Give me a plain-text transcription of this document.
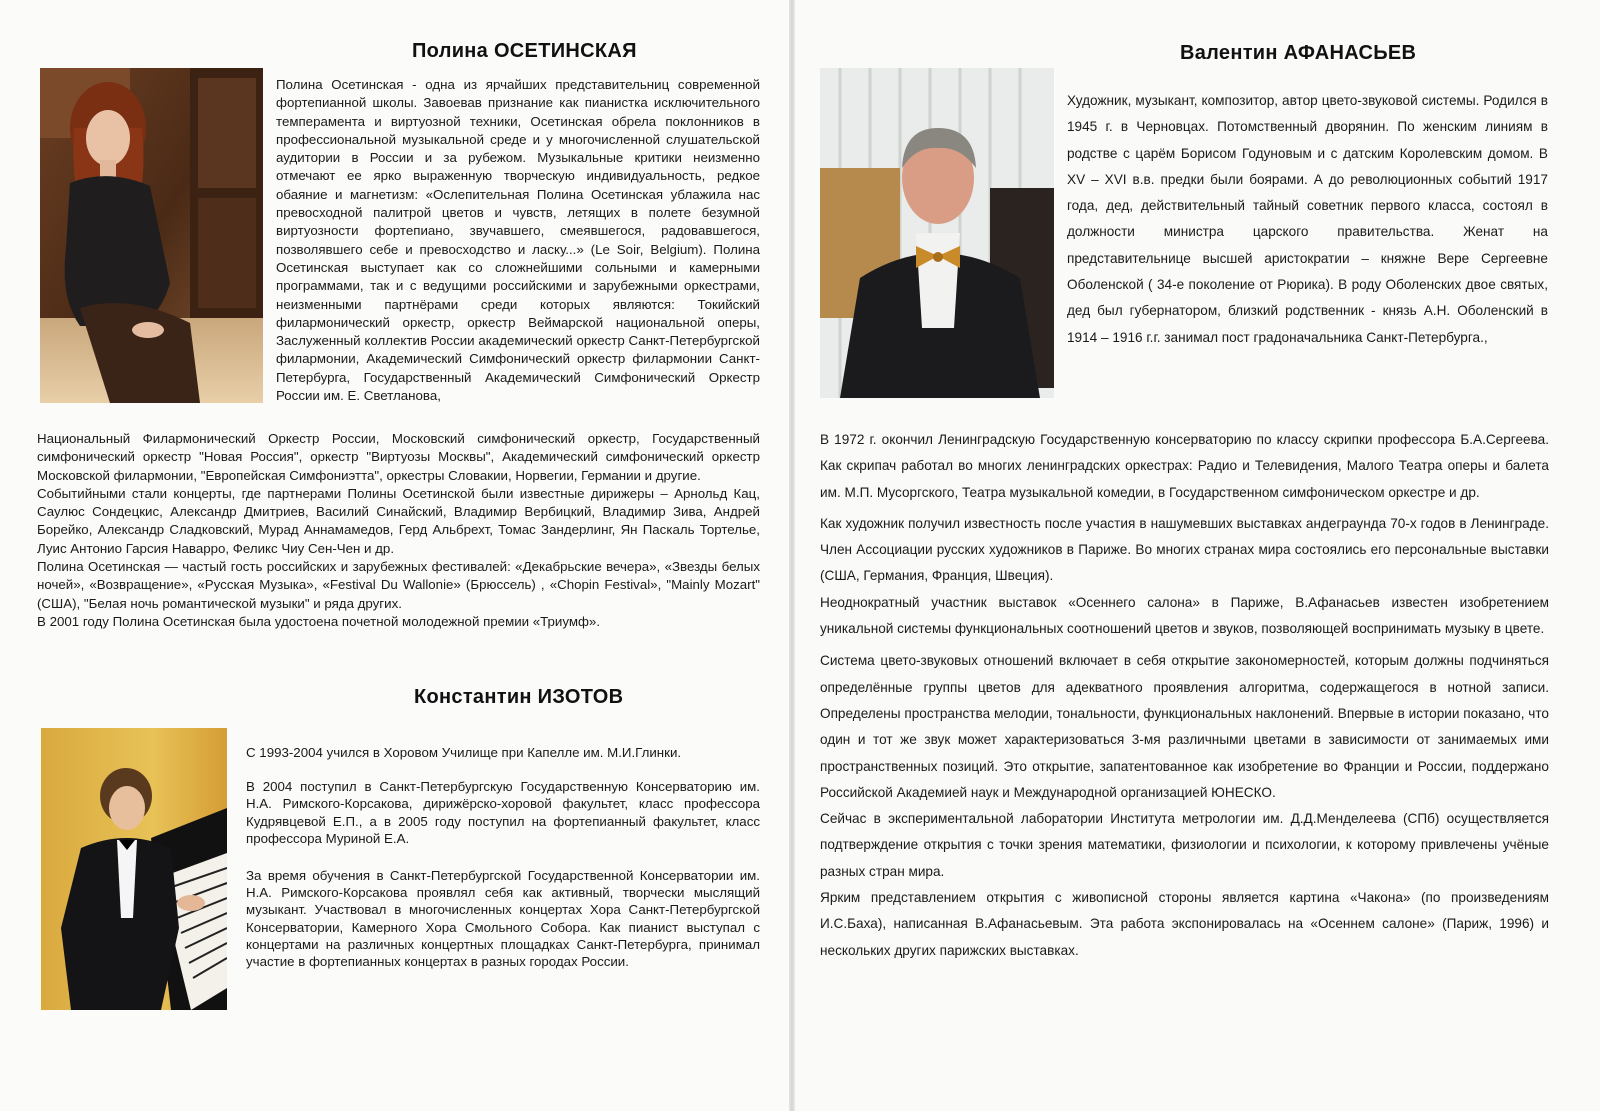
Полина ОСЕТИНСКАЯ

Полина Осетинская - одна из ярчайших представительниц современной фортепианной школы. Завоевав признание как пианистка исключительного темперамента и виртуозной техники, Осетинская обрела поклонников в профессиональной музыкальной среде и у многочисленной слушательской аудитории в России и за рубежом. Музыкальные критики неизменно отмечают ее ярко выраженную творческую индивидуальность, редкое обаяние и магнетизм: «Ослепительная Полина Осетинская ублажила нас превосходной палитрой цветов и чувств, летящих в полете безумной виртуозности фортепиано, звучавшего, смеявшегося, радовавшегося, позволявшего себе и превосходство и ласку...» (Le Soir, Belgium). Полина Осетинская выступает как со сложнейшими сольными и камерными программами, так и с ведущими российскими и зарубежными оркестрами, неизменными партнёрами среди которых являются: Токийский филармонический оркестр, оркестр Веймарской национальной оперы, Заслуженный коллектив России академический оркестр Санкт-Петербургской филармонии, Академический Симфонический оркестр филармонии Санкт-Петербурга, Государственный Академический Симфонический Оркестр России им. Е. Светланова,

Национальный Филармонический Оркестр России, Московский симфонический оркестр, Государственный симфонический оркестр "Новая Россия", оркестр "Виртуозы Москвы", Академический симфонический оркестр Московской филармонии, "Европейская Симфониэтта", оркестры Словакии, Норвегии, Германии и другие.

Событийными стали концерты, где партнерами Полины Осетинской были известные дирижеры – Арнольд Кац, Саулюс Сондецкис, Александр Дмитриев, Василий Синайский, Владимир Вербицкий, Владимир Зива, Андрей Борейко, Александр Сладковский, Мурад Аннамамедов, Герд Альбрехт, Томас Зандерлинг, Ян Паскаль Тортелье, Луис Антонио Гарсия Наварро, Феликс Чиу Сен-Чен и др.

Полина Осетинская — частый гость российских и зарубежных фестивалей: «Декабрьские вечера», «Звезды белых ночей», «Возвращение», «Русская Музыка», «Festival Du Wallonie» (Брюссель) , «Chopin Festival», "Mainly Mozart" (США), "Белая ночь романтической музыки" и ряда других.

В 2001 году Полина Осетинская была удостоена почетной молодежной премии «Триумф».

Константин ИЗОТОВ

С 1993-2004 учился в Хоровом Училище при Капелле им. М.И.Глинки.

В 2004 поступил в Санкт-Петербургскую Государственную Консерваторию им. Н.А. Римского-Корсакова, дирижёрско-хоровой факультет, класс профессора Кудрявцевой Е.П., а в 2005 году поступил на фортепианный факультет, класс профессора Муриной Е.А.

За время обучения в Санкт-Петербургской Государственной Консерватории им. Н.А. Римского-Корсакова проявлял себя как активный, творчески мыслящий музыкант. Участвовал в многочисленных концертах Хора Санкт-Петербургской Консерватории, Камерного Хора Смольного Собора. Как пианист выступал с концертами на различных концертных площадках Санкт-Петербурга, принимал участие в фортепианных концертах в разных городах России.

Валентин АФАНАСЬЕВ

Художник, музыкант, композитор, автор цвето-звуковой системы. Родился в 1945 г. в Черновцах. Потомственный дворянин. По женским линиям в родстве с царём Борисом Годуновым и с датским Королевским домом. В XV – XVI в.в. предки были боярами. А до революционных событий 1917 года, дед, действительный тайный советник первого класса, состоял в должности министра царского правительства. Женат на представительнице высшей аристократии – княжне Вере Сергеевне Оболенской ( 34-е поколение от Рюрика). В роду Оболенских двое святых, дед был губернатором, близкий родственник - князь А.Н. Оболенский в 1914 – 1916 г.г. занимал пост градоначальника Санкт-Петербурга.,

В 1972 г. окончил Ленинградскую Государственную консерваторию по классу скрипки профессора Б.А.Сергеева. Как скрипач работал во многих ленинградских оркестрах: Радио и Телевидения, Малого Театра оперы и балета им. М.П. Мусоргского, Театра музыкальной комедии, в Государственном симфоническом оркестре и др.

Как художник получил известность после участия в нашумевших выставках андеграунда 70-х годов в Ленинграде. Член Ассоциации русских художников в Париже. Во многих странах мира состоялись его персональные выставки (США, Германия, Франция, Швеция).

Неоднократный участник выставок «Осеннего салона» в Париже, В.Афанасьев известен изобретением уникальной системы функциональных соотношений цветов и звуков, позволяющей воспринимать музыку в цвете.

Система цвето-звуковых отношений включает в себя открытие закономерностей, которым должны подчиняться определённые группы цветов для адекватного проявления алгоритма, содержащегося в нотной записи. Определены пространства мелодии, тональности, функциональных наклонений. Впервые в истории показано, что один и тот же звук может характеризоваться 3-мя различными цветами в зависимости от занимаемых ими пространственных позиций. Это открытие, запатентованное как изобретение во Франции и России, поддержано Российской Академией наук и Международной организацией ЮНЕСКО.

Сейчас в экспериментальной лаборатории Института метрологии им. Д.Д.Менделеева (СПб) осуществляется подтверждение открытия с точки зрения математики, физиологии и психологии, к которому привлечены учёные разных стран мира.

Ярким представлением открытия с живописной стороны является картина «Чакона» (по произведениям И.С.Баха), написанная В.Афанасьевым. Эта работа экспонировалась на «Осеннем салоне» (Париж, 1996) и нескольких других парижских выставках.
